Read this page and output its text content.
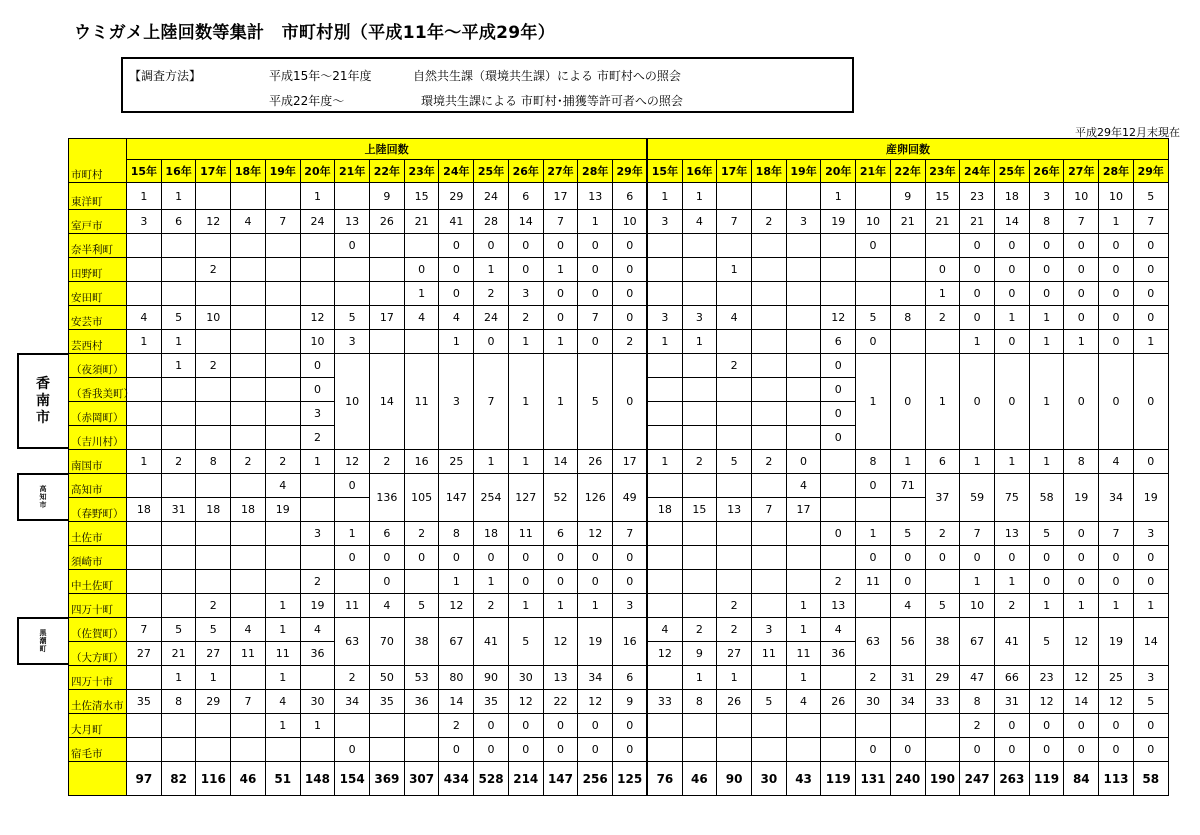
ウミガメ上陸回数等集計　市町村別（平成11年～平成29年）
【調査方法】	平成15年～21年度	自然共生課（環境共生課）による 市町村への照会
平成22年度～	環境共生課による 市町村･捕獲等許可者への照会
平成29年12月末現在
市町村	上陸回数															産卵回数														
	15年	16年	17年	18年	19年	20年	21年	22年	23年	24年	25年	26年	27年	28年	29年	15年	16年	17年	18年	19年	20年	21年	22年	23年	24年	25年	26年	27年	28年	29年
東洋町	1	1				1		9	15	29	24	6	17	13	6	1	1				1		9	15	23	18	3	10	10	5
室戸市	3	6	12	4	7	24	13	26	21	41	28	14	7	1	10	3	4	7	2	3	19	10	21	21	21	14	8	7	1	7
奈半利町							0			0	0	0	0	0	0							0			0	0	0	0	0	0
田野町			2						0	0	1	0	1	0	0			1						0	0	0	0	0	0	0
安田町									1	0	2	3	0	0	0									1	0	0	0	0	0	0
安芸市	4	5	10			12	5	17	4	4	24	2	0	7	0	3	3	4			12	5	8	2	0	1	1	0	0	0
芸西村	1	1				10	3			1	0	1	1	0	2	1	1				6	0			1	0	1	1	0	1
（夜須町）		1	2			0	10	14	11	3	7	1	1	5	0			2			0	1	0	1	0	0	1	0	0	0
（香我美町）						0															0									
（赤岡町）						3															0									
（吉川村）						2															0									
南国市	1	2	8	2	2	1	12	2	16	25	1	1	14	26	17	1	2	5	2	0		8	1	6	1	1	1	8	4	0
高知市					4		0	136	105	147	254	127	52	126	49					4		0	71	37	59	75	58	19	34	19
（春野町）	18	31	18	18	19											18	15	13	7	17										
土佐市						3	1	6	2	8	18	11	6	12	7						0	1	5	2	7	13	5	0	7	3
須崎市							0	0	0	0	0	0	0	0	0							0	0	0	0	0	0	0	0	0
中土佐町						2		0		1	1	0	0	0	0						2	11	0		1	1	0	0	0	0
四万十町			2		1	19	11	4	5	12	2	1	1	1	3			2		1	13		4	5	10	2	1	1	1	1
（佐賀町）	7	5	5	4	1	4	63	70	38	67	41	5	12	19	16	4	2	2	3	1	4	63	56	38	67	41	5	12	19	14
（大方町）	27	21	27	11	11	36										12	9	27	11	11	36									
四万十市		1	1		1		2	50	53	80	90	30	13	34	6		1	1		1		2	31	29	47	66	23	12	25	3
土佐清水市	35	8	29	7	4	30	34	35	36	14	35	12	22	12	9	33	8	26	5	4	26	30	34	33	8	31	12	14	12	5
大月町					1	1				2	0	0	0	0	0										2	0	0	0	0	0
宿毛市							0			0	0	0	0	0	0							0	0		0	0	0	0	0	0
	97	82	116	46	51	148	154	369	307	434	528	214	147	256	125	76	46	90	30	43	119	131	240	190	247	263	119	84	113	58
香南市
高知市
黒潮町
